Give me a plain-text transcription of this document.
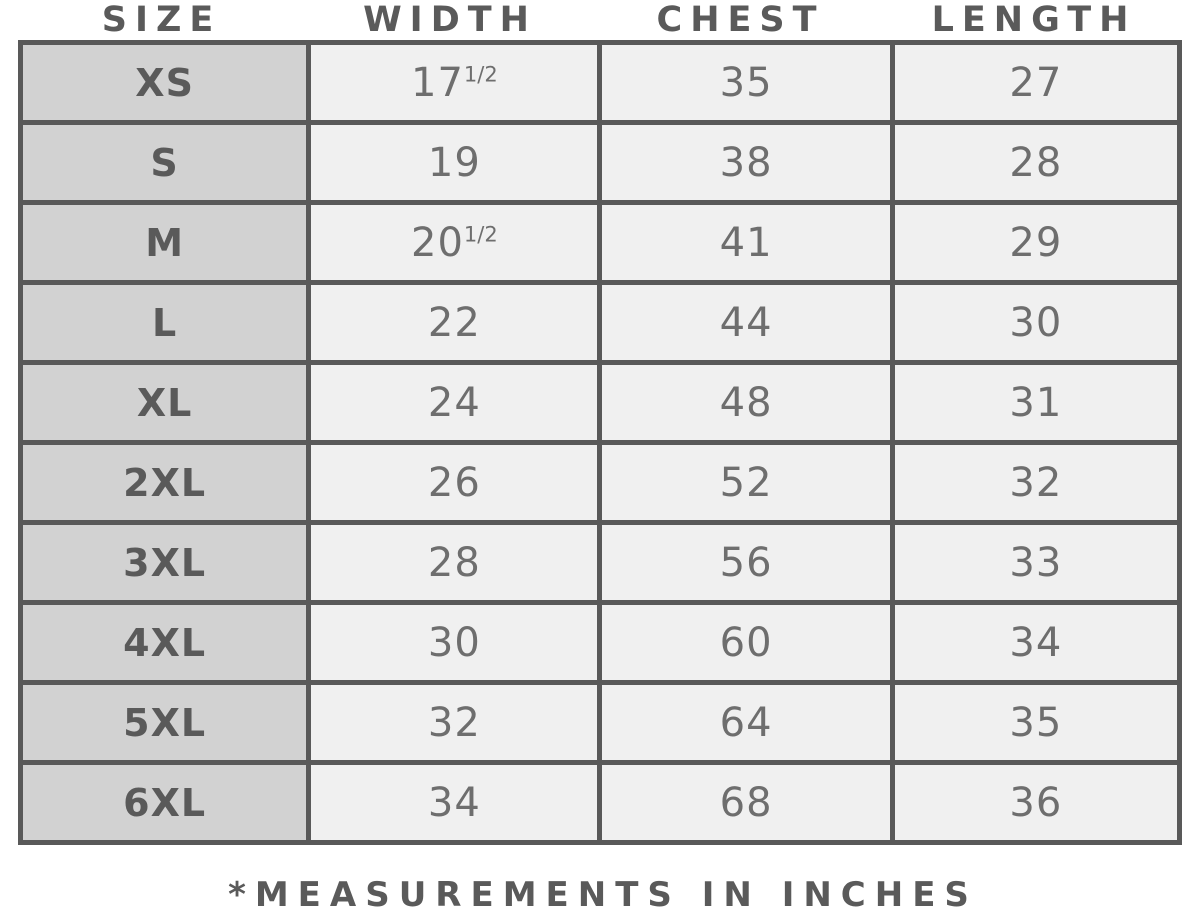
SIZE	WIDTH	CHEST	LENGTH
XS	$17^{1/2}$	35	27
S	19	38	28
M	$20^{1/2}$	41	29
L	22	44	30
XL	24	48	31
2XL	26	52	32
3XL	28	56	33
4XL	30	60	34
5XL	32	64	35
6XL	34	68	36
*MEASUREMENTS IN INCHES
